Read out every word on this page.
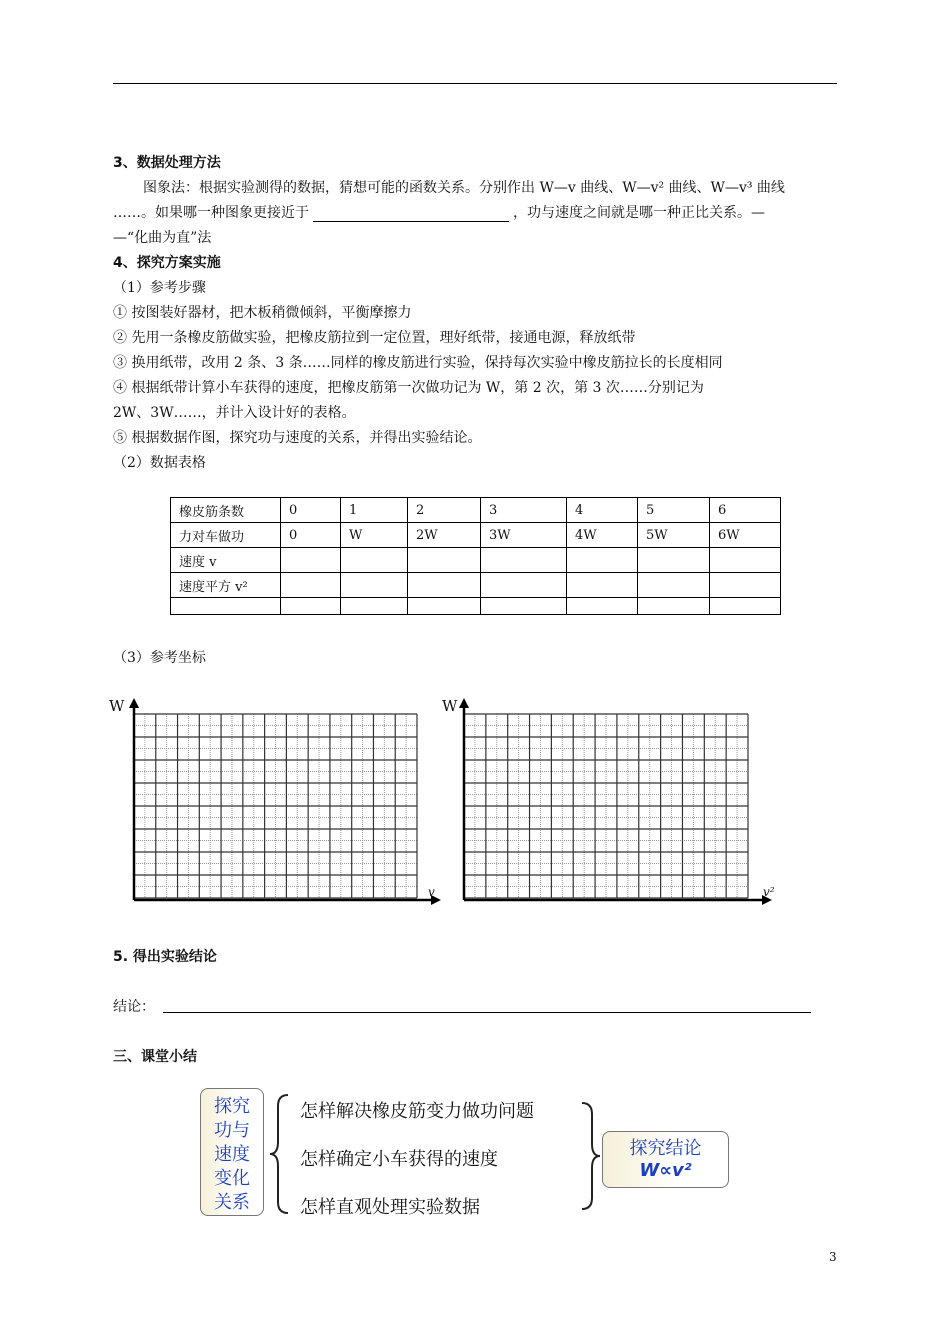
3、数据处理方法
图象法：根据实验测得的数据，猜想可能的函数关系。分别作出 W—v 曲线、W—v² 曲线、W—v³ 曲线
……。如果哪一种图象更接近于	，功与速度之间就是哪一种正比关系。—
—“化曲为直”法
4、探究方案实施
（1）参考步骤
① 按图装好器材，把木板稍微倾斜，平衡摩擦力
② 先用一条橡皮筋做实验，把橡皮筋拉到一定位置，理好纸带，接通电源，释放纸带
③ 换用纸带，改用 2 条、3 条……同样的橡皮筋进行实验，保持每次实验中橡皮筋拉长的长度相同
④ 根据纸带计算小车获得的速度，把橡皮筋第一次做功记为 W，第 2 次，第 3 次……分别记为
2W、3W……，并计入设计好的表格。
⑤ 根据数据作图，探究功与速度的关系，并得出实验结论。
（2）数据表格
橡皮筋条数	0	1	2	3	4	5	6
力对车做功	0	W	2W	3W	4W	5W	6W
速度 v							
速度平方 v²							

（3）参考坐标
W	W
v	v²
5. 得出实验结论
结论：
三、课堂小结
探究
功与
速度
变化
关系
怎样解决橡皮筋变力做功问题
怎样确定小车获得的速度
怎样直观处理实验数据
探究结论
W∝v²
3
